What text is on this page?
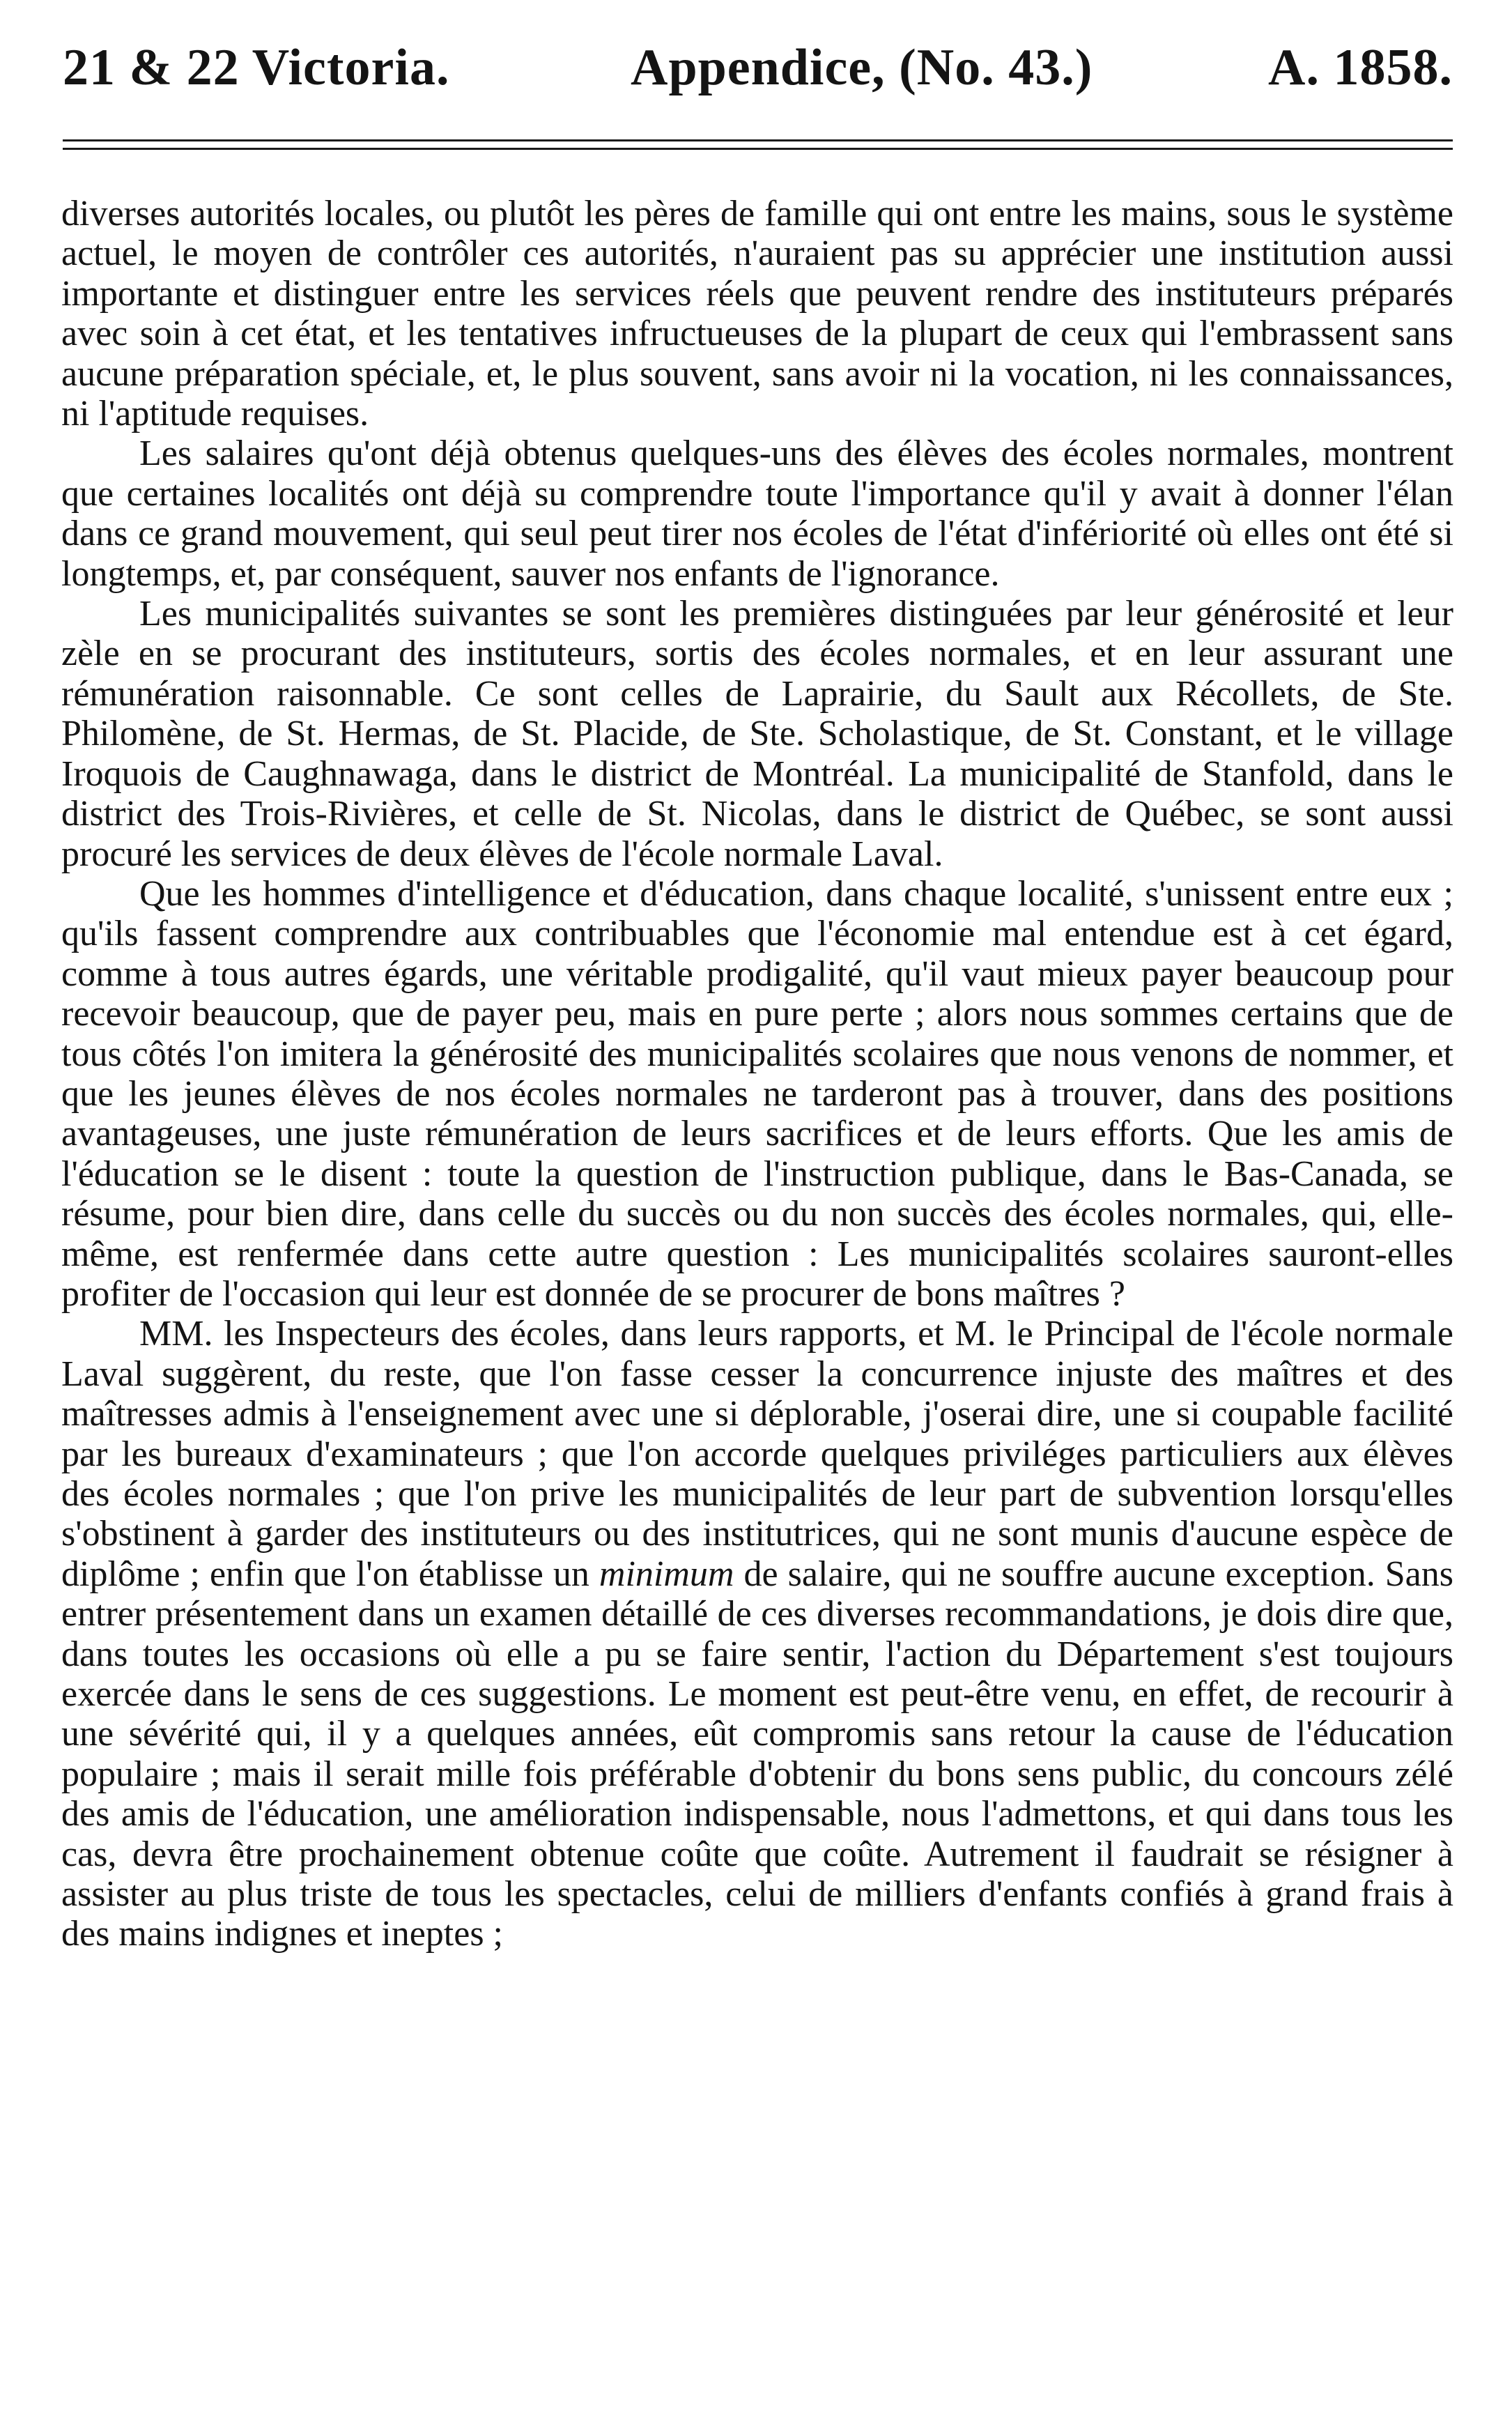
21 & 22 Victoria.	Appendice, (No. 43.)	A. 1858.

diverses autorités locales, ou plutôt les pères de famille qui ont entre les mains, sous le système actuel, le moyen de contrôler ces autorités, n'auraient pas su apprécier une institution aussi importante et distinguer entre les services réels que peuvent rendre des instituteurs préparés avec soin à cet état, et les tentatives infructueuses de la plupart de ceux qui l'embrassent sans aucune préparation spéciale, et, le plus souvent, sans avoir ni la vocation, ni les connaissances, ni l'aptitude requises.

Les salaires qu'ont déjà obtenus quelques-uns des élèves des écoles normales, montrent que certaines localités ont déjà su comprendre toute l'importance qu'il y avait à donner l'élan dans ce grand mouvement, qui seul peut tirer nos écoles de l'état d'infériorité où elles ont été si longtemps, et, par conséquent, sauver nos enfants de l'ignorance.

Les municipalités suivantes se sont les premières distinguées par leur générosité et leur zèle en se procurant des instituteurs, sortis des écoles normales, et en leur assurant une rémunération raisonnable. Ce sont celles de Laprairie, du Sault aux Récollets, de Ste. Philomène, de St. Hermas, de St. Placide, de Ste. Scholastique, de St. Constant, et le village Iroquois de Caughnawaga, dans le district de Montréal. La municipalité de Stanfold, dans le district des Trois-Rivières, et celle de St. Nicolas, dans le district de Québec, se sont aussi procuré les services de deux élèves de l'école normale Laval.

Que les hommes d'intelligence et d'éducation, dans chaque localité, s'unissent entre eux ; qu'ils fassent comprendre aux contribuables que l'économie mal entendue est à cet égard, comme à tous autres égards, une véritable prodigalité, qu'il vaut mieux payer beaucoup pour recevoir beaucoup, que de payer peu, mais en pure perte ; alors nous sommes certains que de tous côtés l'on imitera la générosité des municipalités scolaires que nous venons de nommer, et que les jeunes élèves de nos écoles normales ne tarderont pas à trouver, dans des positions avantageuses, une juste rémunération de leurs sacrifices et de leurs efforts. Que les amis de l'éducation se le disent : toute la question de l'instruction publique, dans le Bas-Canada, se résume, pour bien dire, dans celle du succès ou du non succès des écoles normales, qui, elle-même, est renfermée dans cette autre question : Les municipalités scolaires sauront-elles profiter de l'occasion qui leur est donnée de se procurer de bons maîtres ?

MM. les Inspecteurs des écoles, dans leurs rapports, et M. le Principal de l'école normale Laval suggèrent, du reste, que l'on fasse cesser la concurrence injuste des maîtres et des maîtresses admis à l'enseignement avec une si déplorable, j'oserai dire, une si coupable facilité par les bureaux d'examinateurs ; que l'on accorde quelques priviléges particuliers aux élèves des écoles normales ; que l'on prive les municipalités de leur part de subvention lorsqu'elles s'obstinent à garder des instituteurs ou des institutrices, qui ne sont munis d'aucune espèce de diplôme ; enfin que l'on établisse un minimum de salaire, qui ne souffre aucune exception. Sans entrer présentement dans un examen détaillé de ces diverses recommandations, je dois dire que, dans toutes les occasions où elle a pu se faire sentir, l'action du Département s'est toujours exercée dans le sens de ces suggestions. Le moment est peut-être venu, en effet, de recourir à une sévérité qui, il y a quelques années, eût compromis sans retour la cause de l'éducation populaire ; mais il serait mille fois préférable d'obtenir du bons sens public, du concours zélé des amis de l'éducation, une amélioration indispensable, nous l'admettons, et qui dans tous les cas, devra être prochainement obtenue coûte que coûte. Autrement il faudrait se résigner à assister au plus triste de tous les spectacles, celui de milliers d'enfants confiés à grand frais à des mains indignes et ineptes ;
